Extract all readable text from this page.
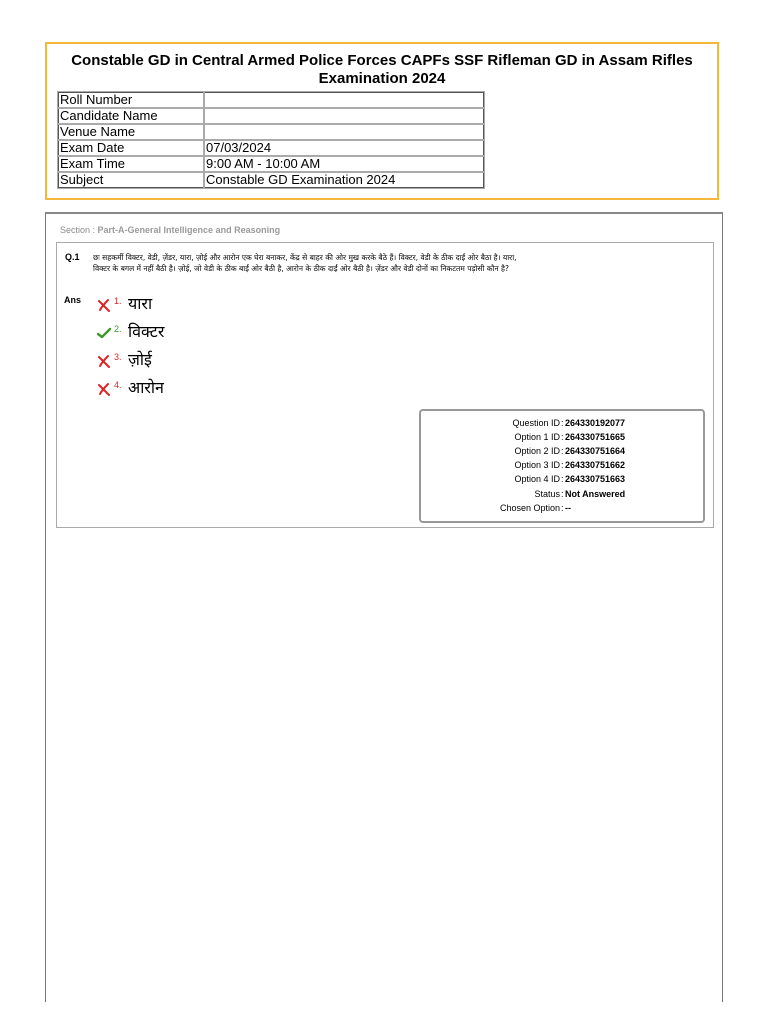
Constable GD in Central Armed Police Forces CAPFs SSF Rifleman GD in Assam Rifles Examination 2024
Roll Number	
Candidate Name	
Venue Name	
Exam Date	07/03/2024
Exam Time	9:00 AM - 10:00 AM
Subject	Constable GD Examination 2024
Section : Part-A-General Intelligence and Reasoning
Q.1 छः सहकर्मी विक्टर, वेडी, ज़ेंडर, यारा, ज़ोई और आरोन एक घेरा बनाकर, केंद्र से बाहर की ओर मुख करके बैठे हैं। विक्टर, वेडी के ठीक दाईं ओर बैठा है। यारा, विक्टर के बगल में नहीं बैठी है। ज़ोई, जो वेडी के ठीक बाईं ओर बैठी है, आरोन के ठीक दाईं ओर बैठी है। ज़ेंडर और वेडी दोनों का निकटतम पड़ोसी कौन है?
Ans	1. यारा
2. विक्टर
3. ज़ोई
4. आरोन
Question ID : 264330192077
Option 1 ID : 264330751665
Option 2 ID : 264330751664
Option 3 ID : 264330751662
Option 4 ID : 264330751663
Status : Not Answered
Chosen Option : --
